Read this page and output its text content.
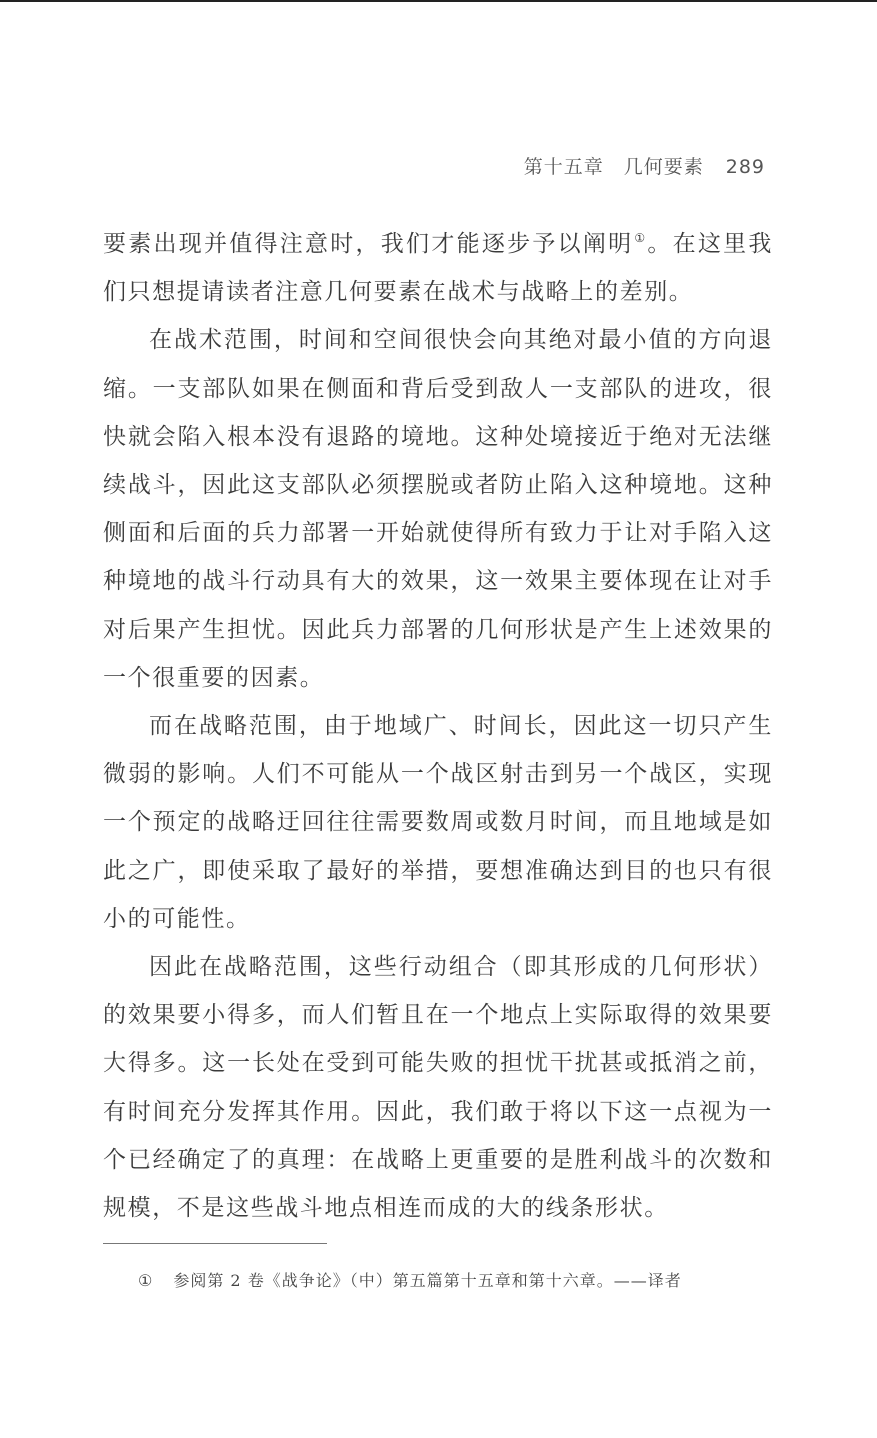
第十五章　几何要素 289

要素出现并值得注意时，我们才能逐步予以阐明①。在这里我们只想提请读者注意几何要素在战术与战略上的差别。

在战术范围，时间和空间很快会向其绝对最小值的方向退缩。一支部队如果在侧面和背后受到敌人一支部队的进攻，很快就会陷入根本没有退路的境地。这种处境接近于绝对无法继续战斗，因此这支部队必须摆脱或者防止陷入这种境地。这种侧面和后面的兵力部署一开始就使得所有致力于让对手陷入这种境地的战斗行动具有大的效果，这一效果主要体现在让对手对后果产生担忧。因此兵力部署的几何形状是产生上述效果的一个很重要的因素。

而在战略范围，由于地域广、时间长，因此这一切只产生微弱的影响。人们不可能从一个战区射击到另一个战区，实现一个预定的战略迂回往往需要数周或数月时间，而且地域是如此之广，即使采取了最好的举措，要想准确达到目的也只有很小的可能性。

因此在战略范围，这些行动组合（即其形成的几何形状）的效果要小得多，而人们暂且在一个地点上实际取得的效果要大得多。这一长处在受到可能失败的担忧干扰甚或抵消之前，有时间充分发挥其作用。因此，我们敢于将以下这一点视为一个已经确定了的真理：在战略上更重要的是胜利战斗的次数和规模，不是这些战斗地点相连而成的大的线条形状。

① 参阅第 2 卷《战争论》（中）第五篇第十五章和第十六章。——译者
